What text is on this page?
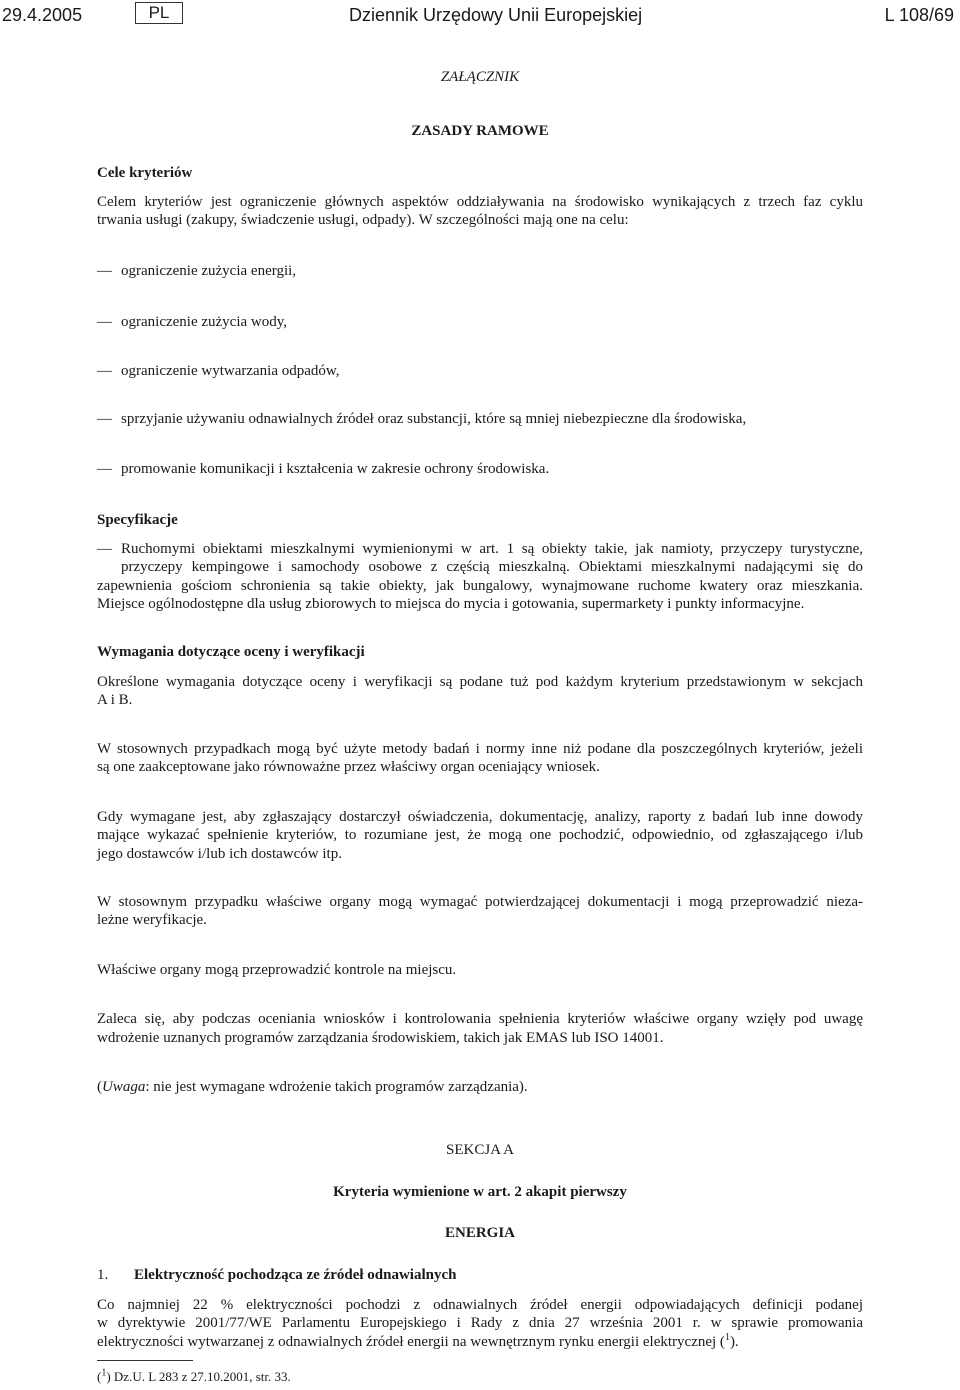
29.4.2005	PL	Dziennik Urzędowy Unii Europejskiej	L 108/69
ZAŁĄCZNIK
ZASADY RAMOWE
Cele kryteriów
Celem kryteriów jest ograniczenie głównych aspektów oddziaływania na środowisko wynikających z trzech faz cyklu
trwania usługi (zakupy, świadczenie usługi, odpady). W szczególności mają one na celu:
— ograniczenie zużycia energii,
— ograniczenie zużycia wody,
— ograniczenie wytwarzania odpadów,
— sprzyjanie używaniu odnawialnych źródeł oraz substancji, które są mniej niebezpieczne dla środowiska,
— promowanie komunikacji i kształcenia w zakresie ochrony środowiska.
Specyfikacje
— Ruchomymi obiektami mieszkalnymi wymienionymi w art. 1 są obiekty takie, jak namioty, przyczepy turystyczne,
przyczepy kempingowe i samochody osobowe z częścią mieszkalną. Obiektami mieszkalnymi nadającymi się do
zapewnienia gościom schronienia są takie obiekty, jak bungalowy, wynajmowane ruchome kwatery oraz mieszkania.
Miejsce ogólnodostępne dla usług zbiorowych to miejsca do mycia i gotowania, supermarkety i punkty informacyjne.
Wymagania dotyczące oceny i weryfikacji
Określone wymagania dotyczące oceny i weryfikacji są podane tuż pod każdym kryterium przedstawionym w sekcjach
A i B.
W stosownych przypadkach mogą być użyte metody badań i normy inne niż podane dla poszczególnych kryteriów, jeżeli
są one zaakceptowane jako równoważne przez właściwy organ oceniający wniosek.
Gdy wymagane jest, aby zgłaszający dostarczył oświadczenia, dokumentację, analizy, raporty z badań lub inne dowody
mające wykazać spełnienie kryteriów, to rozumiane jest, że mogą one pochodzić, odpowiednio, od zgłaszającego i/lub
jego dostawców i/lub ich dostawców itp.
W stosownym przypadku właściwe organy mogą wymagać potwierdzającej dokumentacji i mogą przeprowadzić nieza-
leżne weryfikacje.
Właściwe organy mogą przeprowadzić kontrole na miejscu.
Zaleca się, aby podczas oceniania wniosków i kontrolowania spełnienia kryteriów właściwe organy wzięły pod uwagę
wdrożenie uznanych programów zarządzania środowiskiem, takich jak EMAS lub ISO 14001.
(Uwaga: nie jest wymagane wdrożenie takich programów zarządzania).
SEKCJA A
Kryteria wymienione w art. 2 akapit pierwszy
ENERGIA
1. Elektryczność pochodząca ze źródeł odnawialnych
Co najmniej 22 % elektryczności pochodzi z odnawialnych źródeł energii odpowiadających definicji podanej
w dyrektywie 2001/77/WE Parlamentu Europejskiego i Rady z dnia 27 września 2001 r. w sprawie promowania
elektryczności wytwarzanej z odnawialnych źródeł energii na wewnętrznym rynku energii elektrycznej ($^1$).
($^1$) Dz.U. L 283 z 27.10.2001, str. 33.
